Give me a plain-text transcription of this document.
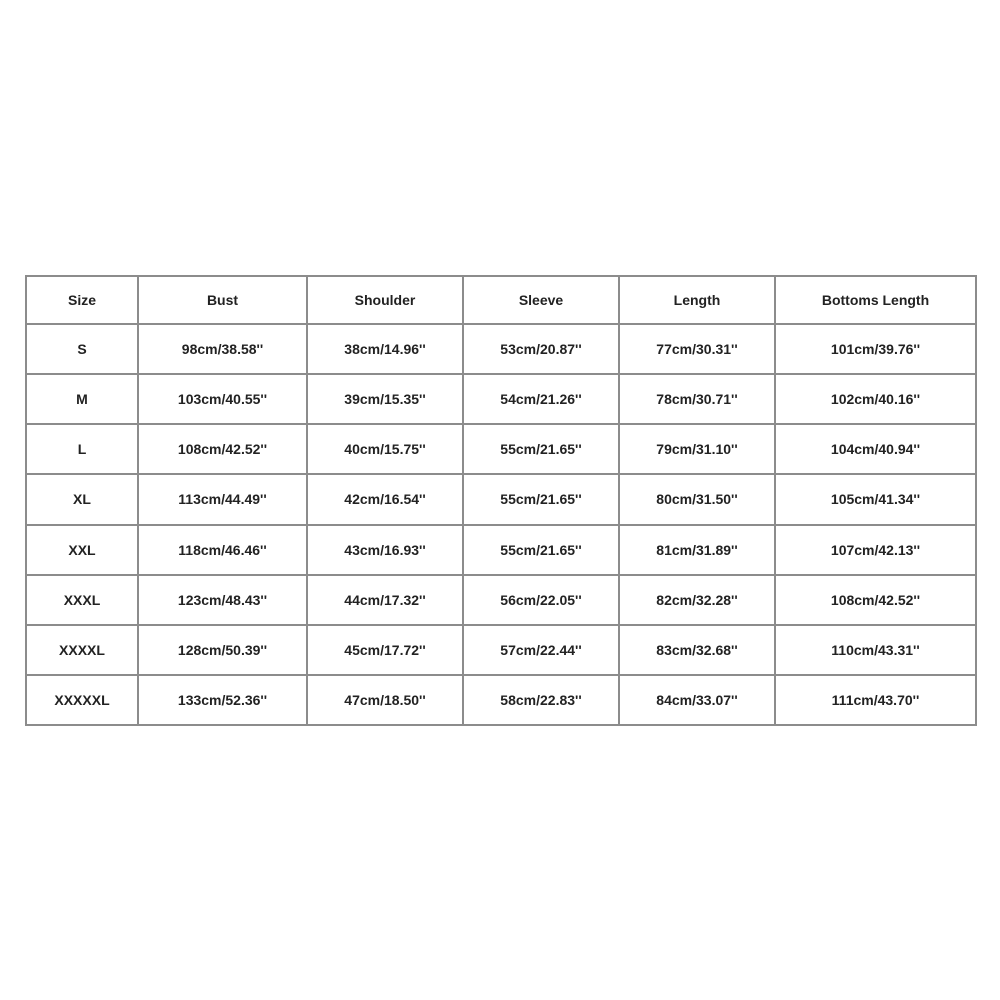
Size	Bust	Shoulder	Sleeve	Length	Bottoms Length
S	98cm/38.58''	38cm/14.96''	53cm/20.87''	77cm/30.31''	101cm/39.76''
M	103cm/40.55''	39cm/15.35''	54cm/21.26''	78cm/30.71''	102cm/40.16''
L	108cm/42.52''	40cm/15.75''	55cm/21.65''	79cm/31.10''	104cm/40.94''
XL	113cm/44.49''	42cm/16.54''	55cm/21.65''	80cm/31.50''	105cm/41.34''
XXL	118cm/46.46''	43cm/16.93''	55cm/21.65''	81cm/31.89''	107cm/42.13''
XXXL	123cm/48.43''	44cm/17.32''	56cm/22.05''	82cm/32.28''	108cm/42.52''
XXXXL	128cm/50.39''	45cm/17.72''	57cm/22.44''	83cm/32.68''	110cm/43.31''
XXXXXL	133cm/52.36''	47cm/18.50''	58cm/22.83''	84cm/33.07''	111cm/43.70''
